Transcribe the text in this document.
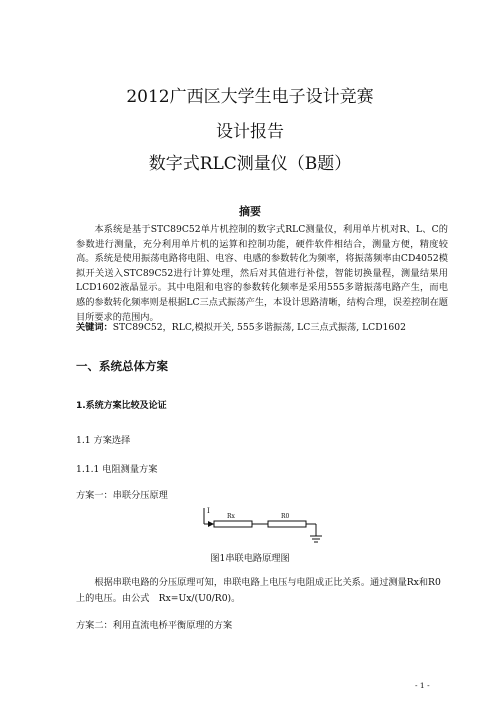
2012广西区大学生电子设计竞赛
设计报告
数字式RLC测量仪（B题）
摘要

本系统是基于STC89C52单片机控制的数字式RLC测量仪，利用单片机对R、L、C的参数进行测量，充分利用单片机的运算和控制功能，硬件软件相结合，测量方便，精度较高。系统是使用振荡电路将电阻、电容、电感的参数转化为频率，将振荡频率由CD4052模拟开关送入STC89C52进行计算处理，然后对其值进行补偿，智能切换量程，测量结果用LCD1602液晶显示。其中电阻和电容的参数转化频率是采用555多谐振荡电路产生，而电感的参数转化频率则是根据LC三点式振荡产生，本设计思路清晰，结构合理，误差控制在题目所要求的范围内。

关键词：STC89C52，RLC,模拟开关, 555多谐振荡, LC三点式振荡, LCD1602
一、系统总体方案
1.系统方案比较及论证
1.1 方案选择
1.1.1 电阻测量方案
方案一：串联分压原理
I
Rx	R0
图1串联电路原理图

根据串联电路的分压原理可知，串联电路上电压与电阻成正比关系。通过测量Rx和R0上的电压。由公式　Rx=Ux/(U0/R0)。

方案二：利用直流电桥平衡原理的方案
- 1 -
